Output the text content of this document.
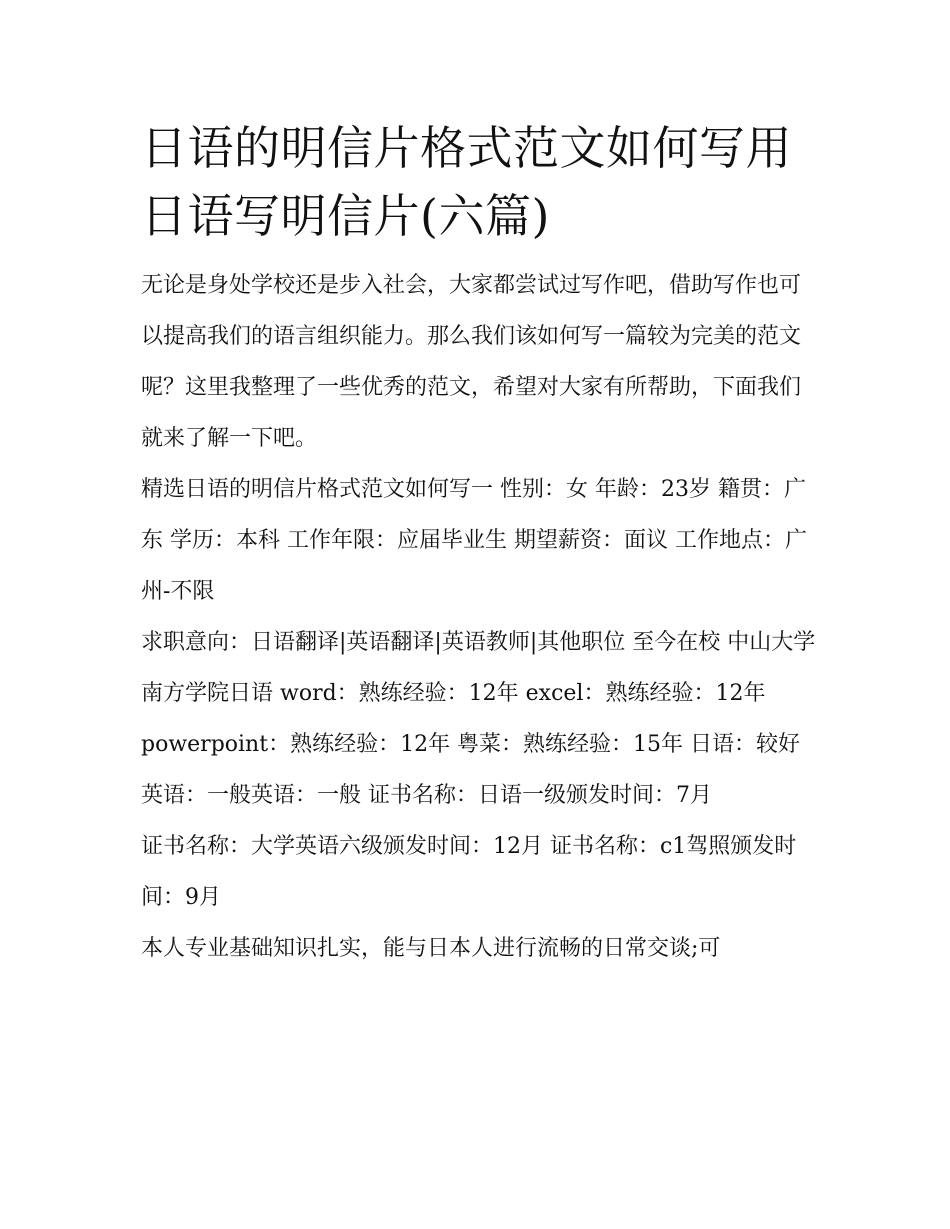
日语的明信片格式范文如何写用日语写明信片(六篇)

无论是身处学校还是步入社会，大家都尝试过写作吧，借助写作也可以提高我们的语言组织能力。那么我们该如何写一篇较为完美的范文呢？这里我整理了一些优秀的范文，希望对大家有所帮助，下面我们就来了解一下吧。

精选日语的明信片格式范文如何写一 性别：女 年龄：23岁 籍贯：广东 学历：本科 工作年限：应届毕业生 期望薪资：面议 工作地点：广州-不限

求职意向：日语翻译|英语翻译|英语教师|其他职位 至今在校 中山大学南方学院日语 word：熟练经验：12年 excel：熟练经验：12年

powerpoint：熟练经验：12年 粤菜：熟练经验：15年 日语：较好英语：一般英语：一般 证书名称：日语一级颁发时间：7月

证书名称：大学英语六级颁发时间：12月 证书名称：c1驾照颁发时间：9月

本人专业基础知识扎实，能与日本人进行流畅的日常交谈;可
